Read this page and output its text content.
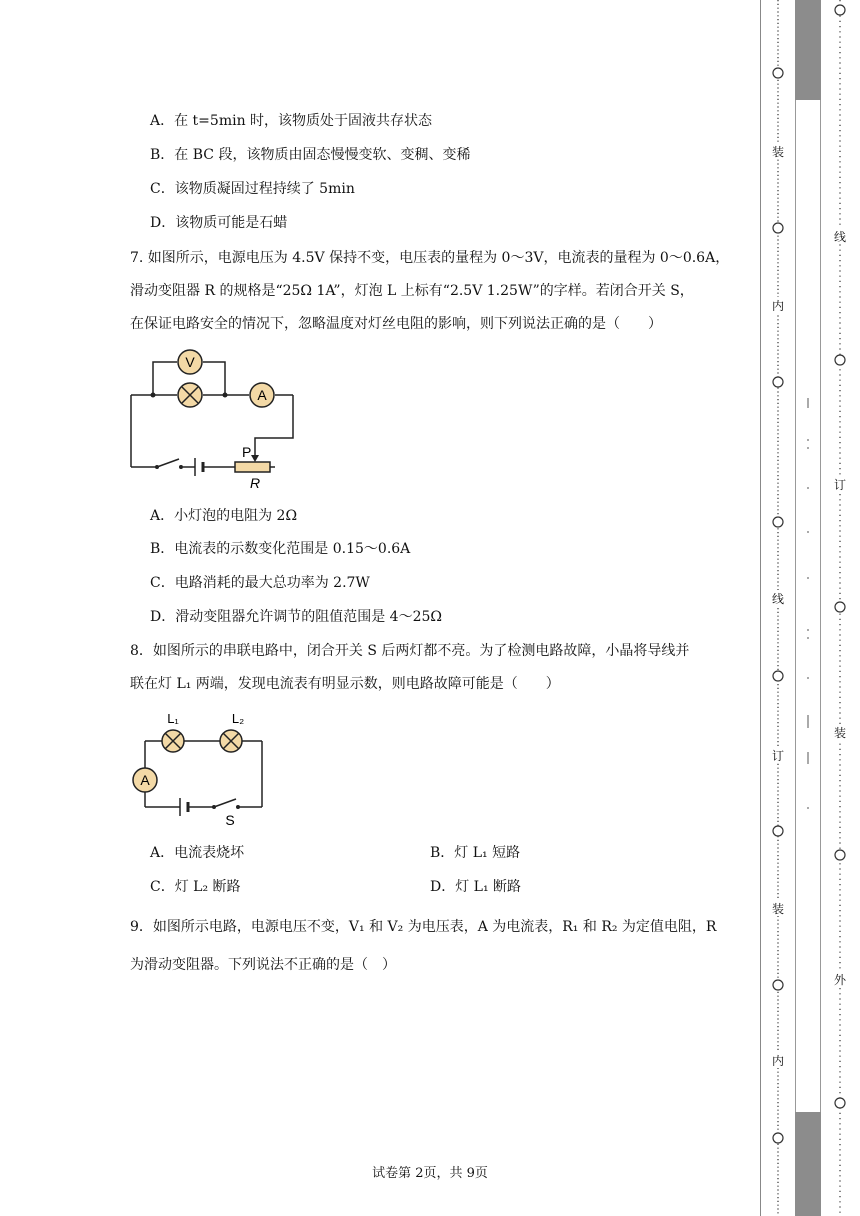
A．在 t=5min 时，该物质处于固液共存状态
B．在 BC 段，该物质由固态慢慢变软、变稠、变稀
C．该物质凝固过程持续了 5min
D．该物质可能是石蜡
7. 如图所示，电源电压为 4.5V 保持不变，电压表的量程为 0～3V，电流表的量程为 0～0.6A，
滑动变阻器 R 的规格是“25Ω 1A”，灯泡 L 上标有“2.5V 1.25W”的字样。若闭合开关 S，
在保证电路安全的情况下，忽略温度对灯丝电阻的影响，则下列说法正确的是（　　）
V
A
P
R
A．小灯泡的电阻为 2Ω
B．电流表的示数变化范围是 0.15～0.6A
C．电路消耗的最大总功率为 2.7W
D．滑动变阻器允许调节的阻值范围是 4～25Ω
8．如图所示的串联电路中，闭合开关 S 后两灯都不亮。为了检测电路故障，小晶将导线并
联在灯 L₁ 两端，发现电流表有明显示数，则电路故障可能是（　　）
L₁	L₂
A
S
A．电流表烧坏	B．灯 L₁ 短路
C．灯 L₂ 断路	D．灯 L₁ 断路
9．如图所示电路，电源电压不变，V₁ 和 V₂ 为电压表，A 为电流表，R₁ 和 R₂ 为定值电阻，R
为滑动变阻器。下列说法不正确的是（　）
试卷第 2页，共 9页
装
内
线
订
装
内
线
订
装
外
